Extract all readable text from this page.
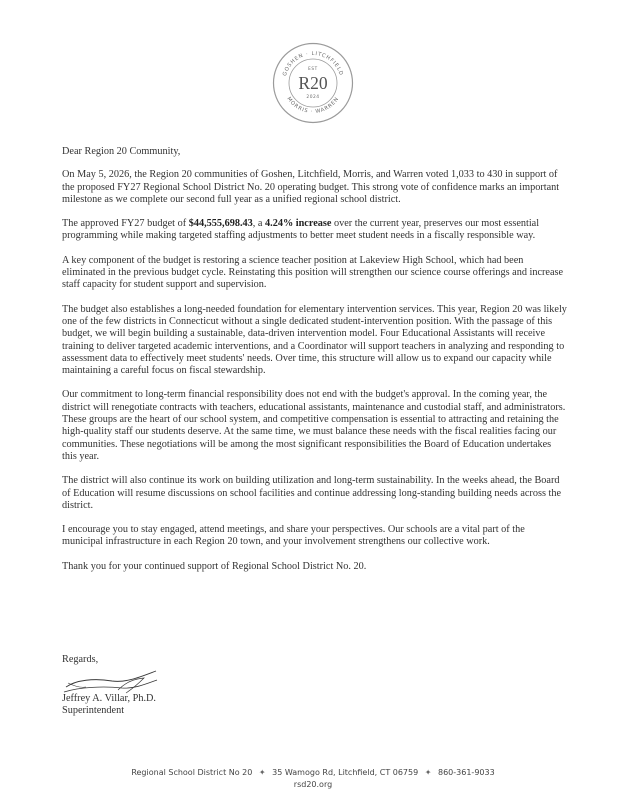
GOSHEN · LITCHFIELD
MORRIS · WARREN
EST
R20
2024

Dear Region 20 Community,

On May 5, 2026, the Region 20 communities of Goshen, Litchfield, Morris, and Warren voted 1,033 to 430 in support of the proposed FY27 Regional School District No. 20 operating budget. This strong vote of confidence marks an important milestone as we complete our second full year as a unified regional school district.

The approved FY27 budget of $44,555,698.43, a 4.24% increase over the current year, preserves our most essential programming while making targeted staffing adjustments to better meet student needs in a fiscally responsible way.

A key component of the budget is restoring a science teacher position at Lakeview High School, which had been eliminated in the previous budget cycle. Reinstating this position will strengthen our science course offerings and increase staff capacity for student support and supervision.

The budget also establishes a long-needed foundation for elementary intervention services. This year, Region 20 was likely one of the few districts in Connecticut without a single dedicated student-intervention position. With the passage of this budget, we will begin building a sustainable, data-driven intervention model. Four Educational Assistants will receive training to deliver targeted academic interventions, and a Coordinator will support teachers in analyzing and responding to assessment data to effectively meet students' needs. Over time, this structure will allow us to expand our capacity while maintaining a careful focus on fiscal stewardship.

Our commitment to long-term financial responsibility does not end with the budget's approval. In the coming year, the district will renegotiate contracts with teachers, educational assistants, maintenance and custodial staff, and administrators. These groups are the heart of our school system, and competitive compensation is essential to attracting and retaining the high-quality staff our students deserve. At the same time, we must balance these needs with the fiscal realities facing our communities. These negotiations will be among the most significant responsibilities the Board of Education undertakes this year.

The district will also continue its work on building utilization and long-term sustainability. In the weeks ahead, the Board of Education will resume discussions on school facilities and continue addressing long-standing building needs across the district.

I encourage you to stay engaged, attend meetings, and share your perspectives. Our schools are a vital part of the municipal infrastructure in each Region 20 town, and your involvement strengthens our collective work.

Thank you for your continued support of Regional School District No. 20.

Regards,
Jeffrey A. Villar, Ph.D.
Superintendent
Regional School District No 20 ✦ 35 Wamogo Rd, Litchfield, CT 06759 ✦ 860-361-9033
rsd20.org
